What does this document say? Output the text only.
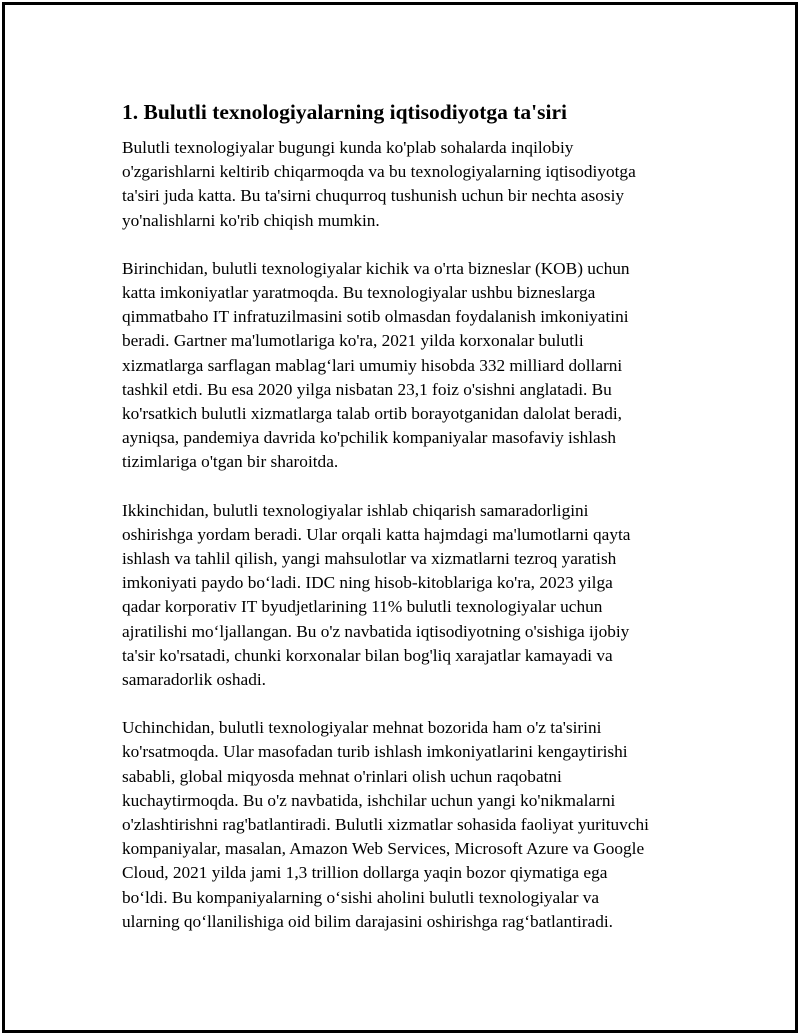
1. Bulutli texnologiyalarning iqtisodiyotga ta'siri
Bulutli texnologiyalar bugungi kunda ko'plab sohalarda inqilobiy
o'zgarishlarni keltirib chiqarmoqda va bu texnologiyalarning iqtisodiyotga
ta'siri juda katta. Bu ta'sirni chuqurroq tushunish uchun bir nechta asosiy
yo'nalishlarni ko'rib chiqish mumkin.
Birinchidan, bulutli texnologiyalar kichik va o'rta bizneslar (KOB) uchun
katta imkoniyatlar yaratmoqda. Bu texnologiyalar ushbu bizneslarga
qimmatbaho IT infratuzilmasini sotib olmasdan foydalanish imkoniyatini
beradi. Gartner ma'lumotlariga ko'ra, 2021 yilda korxonalar bulutli
xizmatlarga sarflagan mablag‘lari umumiy hisobda 332 milliard dollarni
tashkil etdi. Bu esa 2020 yilga nisbatan 23,1 foiz o'sishni anglatadi. Bu
ko'rsatkich bulutli xizmatlarga talab ortib borayotganidan dalolat beradi,
ayniqsa, pandemiya davrida ko'pchilik kompaniyalar masofaviy ishlash
tizimlariga o'tgan bir sharoitda.
Ikkinchidan, bulutli texnologiyalar ishlab chiqarish samaradorligini
oshirishga yordam beradi. Ular orqali katta hajmdagi ma'lumotlarni qayta
ishlash va tahlil qilish, yangi mahsulotlar va xizmatlarni tezroq yaratish
imkoniyati paydo bo‘ladi. IDC ning hisob-kitoblariga ko'ra, 2023 yilga
qadar korporativ IT byudjetlarining 11% bulutli texnologiyalar uchun
ajratilishi mo‘ljallangan. Bu o'z navbatida iqtisodiyotning o'sishiga ijobiy
ta'sir ko'rsatadi, chunki korxonalar bilan bog'liq xarajatlar kamayadi va
samaradorlik oshadi.
Uchinchidan, bulutli texnologiyalar mehnat bozorida ham o'z ta'sirini
ko'rsatmoqda. Ular masofadan turib ishlash imkoniyatlarini kengaytirishi
sababli, global miqyosda mehnat o'rinlari olish uchun raqobatni
kuchaytirmoqda. Bu o'z navbatida, ishchilar uchun yangi ko'nikmalarni
o'zlashtirishni rag'batlantiradi. Bulutli xizmatlar sohasida faoliyat yurituvchi
kompaniyalar, masalan, Amazon Web Services, Microsoft Azure va Google
Cloud, 2021 yilda jami 1,3 trillion dollarga yaqin bozor qiymatiga ega
bo‘ldi. Bu kompaniyalarning o‘sishi aholini bulutli texnologiyalar va
ularning qo‘llanilishiga oid bilim darajasini oshirishga rag‘batlantiradi.
